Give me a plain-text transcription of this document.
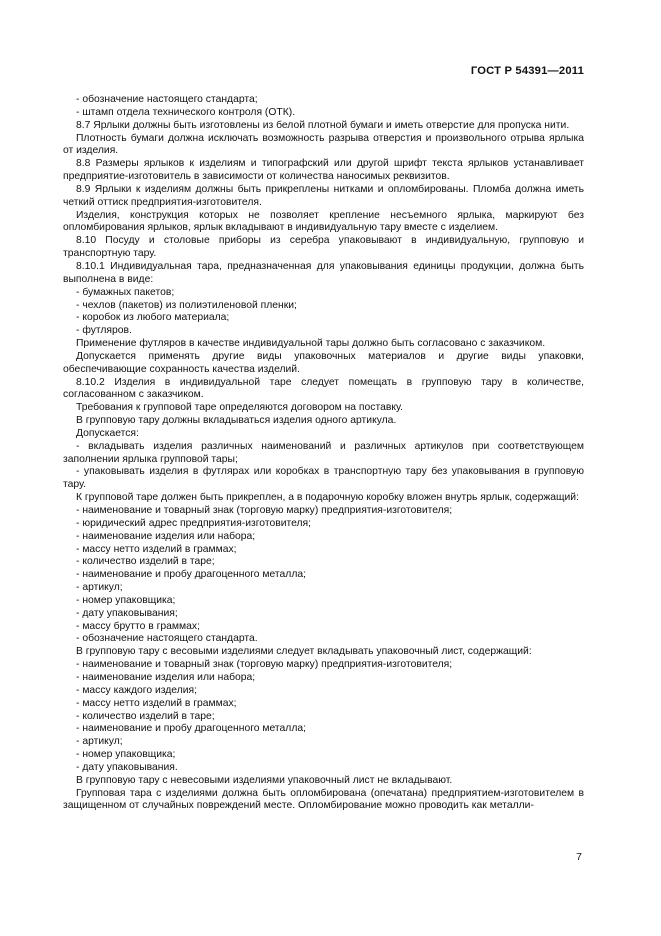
ГОСТ Р 54391—2011

- обозначение настоящего стандарта;

- штамп отдела технического контроля (ОТК).

8.7 Ярлыки должны быть изготовлены из белой плотной бумаги и иметь отверстие для пропуска нити.

Плотность бумаги должна исключать возможность разрыва отверстия и произвольного отрыва ярлыка от изделия.

8.8 Размеры ярлыков к изделиям и типографский или другой шрифт текста ярлыков устанавливает предприятие-изготовитель в зависимости от количества наносимых реквизитов.

8.9 Ярлыки к изделиям должны быть прикреплены нитками и опломбированы. Пломба должна иметь четкий оттиск предприятия-изготовителя.

Изделия, конструкция которых не позволяет крепление несъемного ярлыка, маркируют без опломбирования ярлыков, ярлык вкладывают в индивидуальную тару вместе с изделием.

8.10 Посуду и столовые приборы из серебра упаковывают в индивидуальную, групповую и транспортную тару.

8.10.1 Индивидуальная тара, предназначенная для упаковывания единицы продукции, должна быть выполнена в виде:

- бумажных пакетов;

- чехлов (пакетов) из полиэтиленовой пленки;

- коробок из любого материала;

- футляров.

Применение футляров в качестве индивидуальной тары должно быть согласовано с заказчиком.

Допускается применять другие виды упаковочных материалов и другие виды упаковки, обеспечивающие сохранность качества изделий.

8.10.2 Изделия в индивидуальной таре следует помещать в групповую тару в количестве, согласованном с заказчиком.

Требования к групповой таре определяются договором на поставку.

В групповую тару должны вкладываться изделия одного артикула.

Допускается:

- вкладывать изделия различных наименований и различных артикулов при соответствующем заполнении ярлыка групповой тары;

- упаковывать изделия в футлярах или коробках в транспортную тару без упаковывания в групповую тару.

К групповой таре должен быть прикреплен, а в подарочную коробку вложен внутрь ярлык, содержащий:

- наименование и товарный знак (торговую марку) предприятия-изготовителя;

- юридический адрес предприятия-изготовителя;

- наименование изделия или набора;

- массу нетто изделий в граммах;

- количество изделий в таре;

- наименование и пробу драгоценного металла;

- артикул;

- номер упаковщика;

- дату упаковывания;

- массу брутто в граммах;

- обозначение настоящего стандарта.

В групповую тару с весовыми изделиями следует вкладывать упаковочный лист, содержащий:

- наименование и товарный знак (торговую марку) предприятия-изготовителя;

- наименование изделия или набора;

- массу каждого изделия;

- массу нетто изделий в граммах;

- количество изделий в таре;

- наименование и пробу драгоценного металла;

- артикул;

- номер упаковщика;

- дату упаковывания.

В групповую тару с невесовыми изделиями упаковочный лист не вкладывают.

Групповая тара с изделиями должна быть опломбирована (опечатана) предприятием-изготовителем в защищенном от случайных повреждений месте. Опломбирование можно проводить как металли-

7
